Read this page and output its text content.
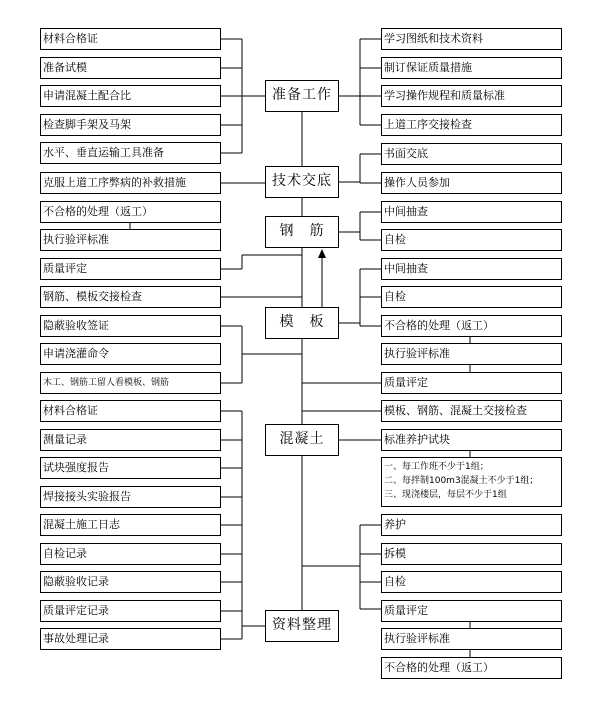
准备工作
技术交底
钢　筋
模　板
混凝土
资料整理
材料合格证
准备试模
申请混凝土配合比
检查脚手架及马架
水平、垂直运输工具准备
克服上道工序弊病的补救措施
不合格的处理（返工）
执行验评标准
质量评定
钢筋、模板交接检查
隐蔽验收签证
申请浇灌命令
木工、钢筋工留人看模板、钢筋
材料合格证
测量记录
试块强度报告
焊接接头实验报告
混凝土施工日志
自检记录
隐蔽验收记录
质量评定记录
事故处理记录
学习图纸和技术资料
制订保证质量措施
学习操作规程和质量标准
上道工序交接检查
书面交底
操作人员参加
中间抽查
自检
中间抽查
自检
不合格的处理（返工）
执行验评标准
质量评定
模板、钢筋、混凝土交接检查
标准养护试块
一、每工作班不少于1组；
二、每拌制100m3混凝土不少于1组；
三、现浇楼层，每层不少于1组
养护
拆模
自检
质量评定
执行验评标准
不合格的处理（返工）
